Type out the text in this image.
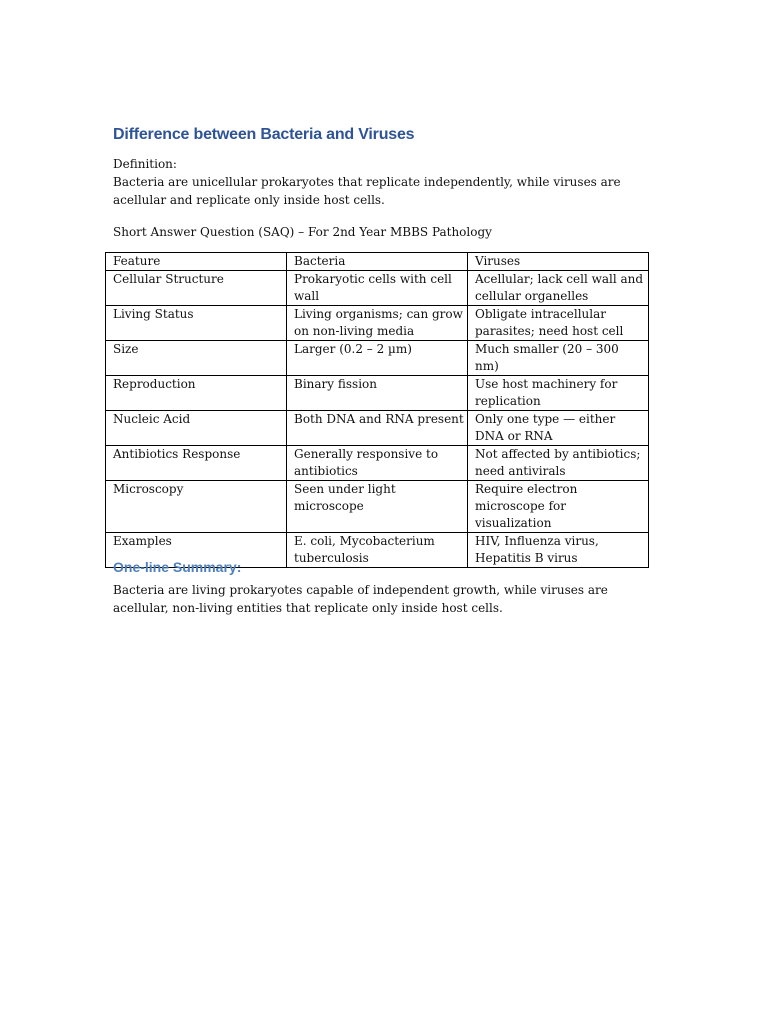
Difference between Bacteria and Viruses

Definition:

Bacteria are unicellular prokaryotes that replicate independently, while viruses are acellular and replicate only inside host cells.

Short Answer Question (SAQ) – For 2nd Year MBBS Pathology

Feature	Bacteria	Viruses
Cellular Structure	Prokaryotic cells with cell wall	Acellular; lack cell wall and cellular organelles
Living Status	Living organisms; can grow on non-living media	Obligate intracellular parasites; need host cell
Size	Larger (0.2 – 2 µm)	Much smaller (20 – 300 nm)
Reproduction	Binary fission	Use host machinery for replication
Nucleic Acid	Both DNA and RNA present	Only one type — either DNA or RNA
Antibiotics Response	Generally responsive to antibiotics	Not affected by antibiotics; need antivirals
Microscopy	Seen under light microscope	Require electron microscope for visualization
Examples	E. coli, Mycobacterium tuberculosis	HIV, Influenza virus, Hepatitis B virus
One-line Summary:

Bacteria are living prokaryotes capable of independent growth, while viruses are acellular, non-living entities that replicate only inside host cells.
